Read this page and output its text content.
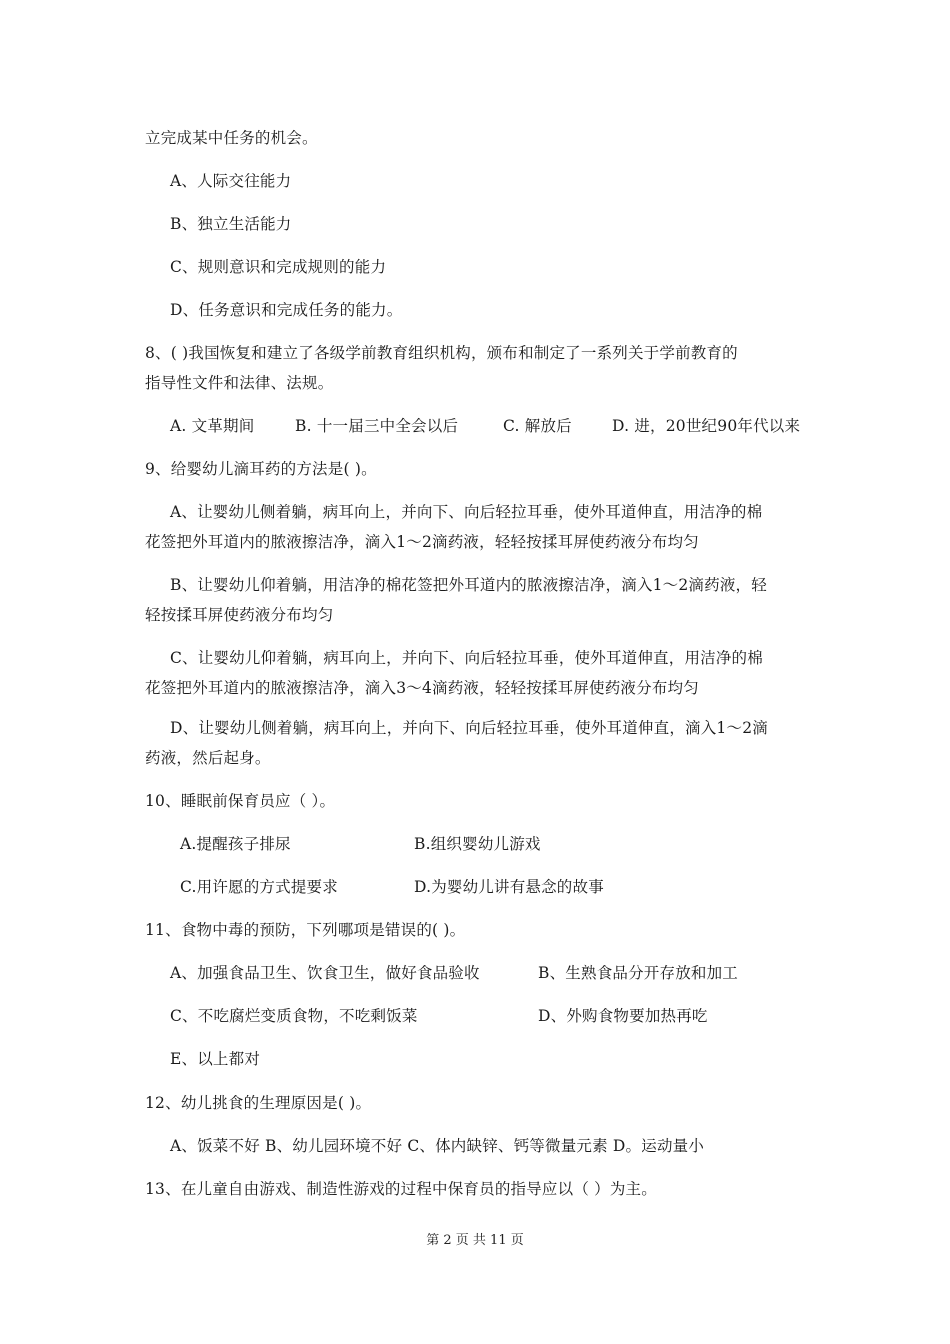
立完成某中任务的机会。
A、人际交往能力
B、独立生活能力
C、规则意识和完成规则的能力
D、任务意识和完成任务的能力。
8、( )我国恢复和建立了各级学前教育组织机构，颁布和制定了一系列关于学前教育的
指导性文件和法律、法规。
A. 文革期间	B. 十一届三中全会以后	C. 解放后	D. 进，20世纪90年代以来
9、给婴幼儿滴耳药的方法是( )。
A、让婴幼儿侧着躺，病耳向上，并向下、向后轻拉耳垂，使外耳道伸直，用洁净的棉
花签把外耳道内的脓液擦洁净，滴入1～2滴药液，轻轻按揉耳屏使药液分布均匀
B、让婴幼儿仰着躺，用洁净的棉花签把外耳道内的脓液擦洁净，滴入1～2滴药液，轻
轻按揉耳屏使药液分布均匀
C、让婴幼儿仰着躺，病耳向上，并向下、向后轻拉耳垂，使外耳道伸直，用洁净的棉
花签把外耳道内的脓液擦洁净，滴入3～4滴药液，轻轻按揉耳屏使药液分布均匀
D、让婴幼儿侧着躺，病耳向上，并向下、向后轻拉耳垂，使外耳道伸直，滴入1～2滴
药液，然后起身。
10、睡眠前保育员应（ ）。
A.提醒孩子排尿	B.组织婴幼儿游戏
C.用许愿的方式提要求	D.为婴幼儿讲有悬念的故事
11、食物中毒的预防，下列哪项是错误的( )。
A、加强食品卫生、饮食卫生，做好食品验收	B、生熟食品分开存放和加工
C、不吃腐烂变质食物，不吃剩饭菜	D、外购食物要加热再吃
E、以上都对
12、幼儿挑食的生理原因是( )。
A、饭菜不好 B、幼儿园环境不好 C、体内缺锌、钙等微量元素 D。运动量小
13、在儿童自由游戏、制造性游戏的过程中保育员的指导应以（ ）为主。
第 2 页 共 11 页
